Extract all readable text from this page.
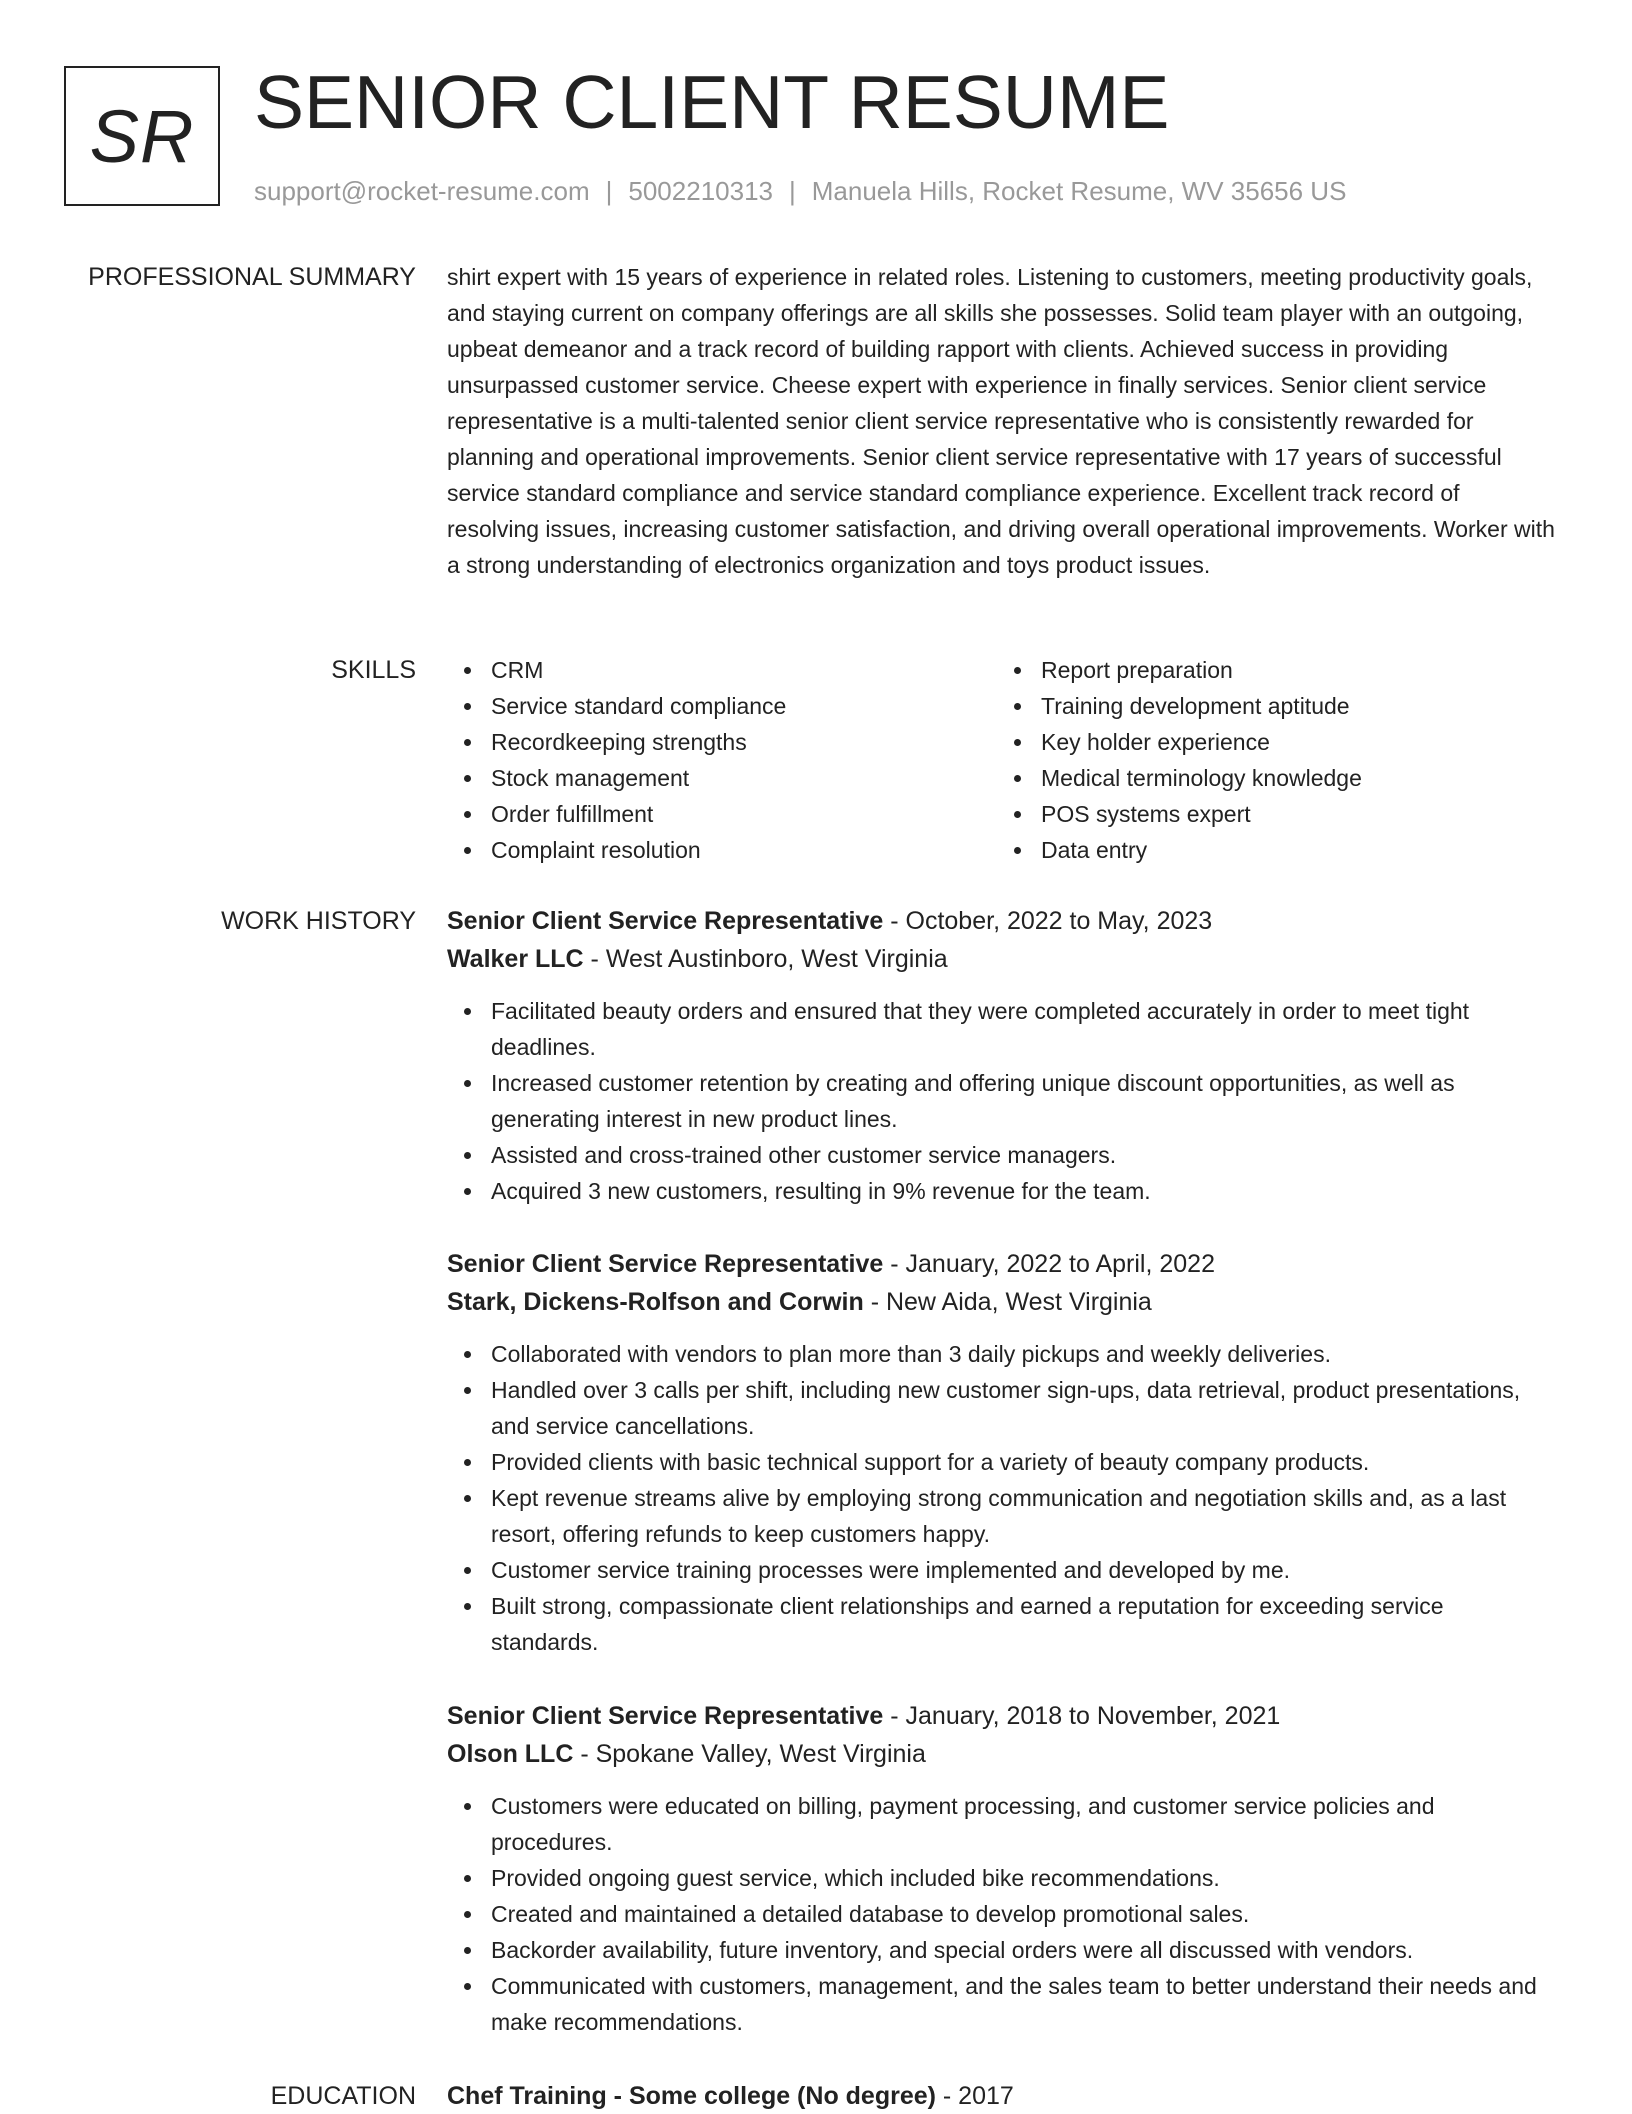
SR SENIOR CLIENT RESUME
support@rocket-resume.com | 5002210313 | Manuela Hills, Rocket Resume, WV 35656 US
PROFESSIONAL SUMMARY shirt expert with 15 years of experience in related roles. Listening to customers, meeting productivity goals, and staying current on company offerings are all skills she possesses. Solid team player with an outgoing, upbeat demeanor and a track record of building rapport with clients. Achieved success in providing unsurpassed customer service. Cheese expert with experience in finally services. Senior client service representative is a multi-talented senior client service representative who is consistently rewarded for planning and operational improvements. Senior client service representative with 17 years of successful service standard compliance and service standard compliance experience. Excellent track record of resolving issues, increasing customer satisfaction, and driving overall operational improvements. Worker with a strong understanding of electronics organization and toys product issues.

SKILLS	CRM
Service standard compliance
Recordkeeping strengths
Stock management
Order fulfillment
Complaint resolution
Report preparation
Training development aptitude
Key holder experience
Medical terminology knowledge
POS systems expert
Data entry
WORK HISTORY Senior Client Service Representative - October, 2022 to May, 2023
Walker LLC - West Austinboro, West Virginia
Facilitated beauty orders and ensured that they were completed accurately in order to meet tight deadlines.
Increased customer retention by creating and offering unique discount opportunities, as well as generating interest in new product lines.
Assisted and cross-trained other customer service managers.
Acquired 3 new customers, resulting in 9% revenue for the team.
Senior Client Service Representative - January, 2022 to April, 2022
Stark, Dickens-Rolfson and Corwin - New Aida, West Virginia
Collaborated with vendors to plan more than 3 daily pickups and weekly deliveries.
Handled over 3 calls per shift, including new customer sign-ups, data retrieval, product presentations, and service cancellations.
Provided clients with basic technical support for a variety of beauty company products.
Kept revenue streams alive by employing strong communication and negotiation skills and, as a last resort, offering refunds to keep customers happy.
Customer service training processes were implemented and developed by me.
Built strong, compassionate client relationships and earned a reputation for exceeding service standards.
Senior Client Service Representative - January, 2018 to November, 2021
Olson LLC - Spokane Valley, West Virginia
Customers were educated on billing, payment processing, and customer service policies and procedures.
Provided ongoing guest service, which included bike recommendations.
Created and maintained a detailed database to develop promotional sales.
Backorder availability, future inventory, and special orders were all discussed with vendors.
Communicated with customers, management, and the sales team to better understand their needs and make recommendations.
EDUCATION Chef Training - Some college (No degree) - 2017
